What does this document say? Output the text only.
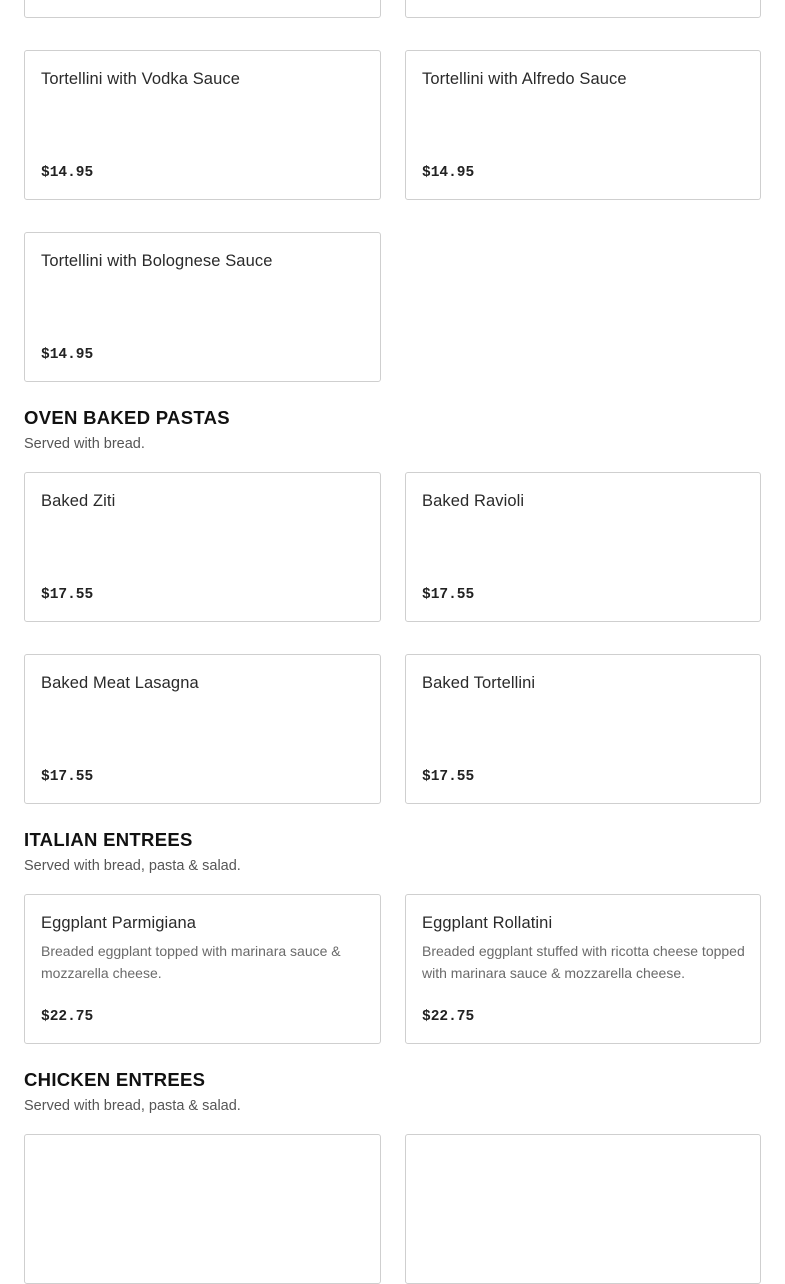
Tortellini with Vodka Sauce
$14.95
Tortellini with Alfredo Sauce
$14.95
Tortellini with Bolognese Sauce
$14.95
OVEN BAKED PASTAS
Served with bread.
Baked Ziti
$17.55
Baked Ravioli
$17.55
Baked Meat Lasagna
$17.55
Baked Tortellini
$17.55
ITALIAN ENTREES
Served with bread, pasta & salad.
Eggplant Parmigiana
Breaded eggplant topped with marinara sauce & mozzarella cheese.
$22.75
Eggplant Rollatini
Breaded eggplant stuffed with ricotta cheese topped with marinara sauce & mozzarella cheese.
$22.75
CHICKEN ENTREES
Served with bread, pasta & salad.
